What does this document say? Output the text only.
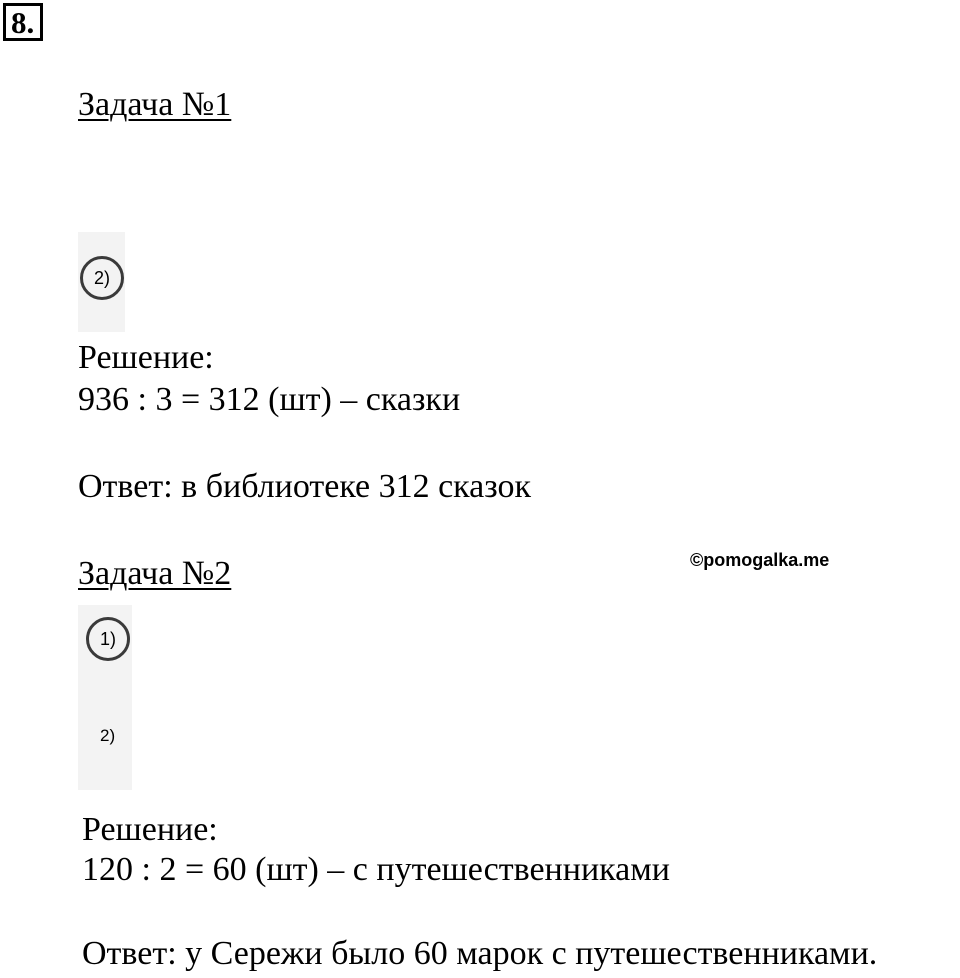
8.
Задача №1
2)
Решение:
936 : 3 = 312 (шт) – сказки
Ответ: в библиотеке 312 сказок
Задача №2	©pomogalka.me
1)
2)
Решение:
120 : 2 = 60 (шт) – с путешественниками
Ответ: у Сережи было 60 марок с путешественниками.
